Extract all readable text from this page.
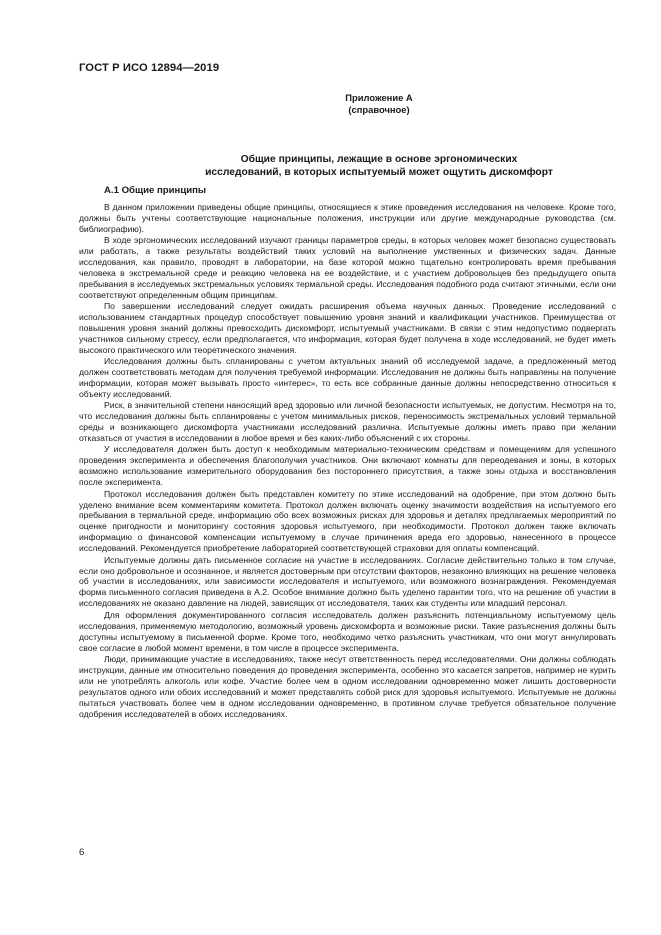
ГОСТ Р ИСО 12894—2019
Приложение А
(справочное)
Общие принципы, лежащие в основе эргономических
исследований, в которых испытуемый может ощутить дискомфорт
А.1 Общие принципы

В данном приложении приведены общие принципы, относящиеся к этике проведения исследования на человеке. Кроме того, должны быть учтены соответствующие национальные положения, инструкции или другие международные руководства (см. библиографию).

В ходе эргономических исследований изучают границы параметров среды, в которых человек может безопасно существовать или работать, а также результаты воздействий таких условий на выполнение умственных и физических задач. Данные исследования, как правило, проводят в лаборатории, на базе которой можно тщательно контролировать время пребывания человека в экстремальной среде и реакцию человека на ее воздействие, и с участием добровольцев без предыдущего опыта пребывания в исследуемых экстремальных условиях термальной среды. Исследования подобного рода считают этичными, если они соответствуют определенным общим принципам.

По завершении исследований следует ожидать расширения объема научных данных. Проведение исследований с использованием стандартных процедур способствует повышению уровня знаний и квалификации участников. Преимущества от повышения уровня знаний должны превосходить дискомфорт, испытуемый участниками. В связи с этим недопустимо подвергать участников сильному стрессу, если предполагается, что информация, которая будет получена в ходе исследований, не будет иметь высокого практического или теоретического значения.

Исследования должны быть спланированы с учетом актуальных знаний об исследуемой задаче, а предложенный метод должен соответствовать методам для получения требуемой информации. Исследования не должны быть направлены на получение информации, которая может вызывать просто «интерес», то есть все собранные данные должны непосредственно относиться к объекту исследований.

Риск, в значительной степени наносящий вред здоровью или личной безопасности испытуемых, не допустим. Несмотря на то, что исследования должны быть спланированы с учетом минимальных рисков, переносимость экстремальных условий термальной среды и возникающего дискомфорта участниками исследований различна. Испытуемые должны иметь право при желании отказаться от участия в исследовании в любое время и без каких-либо объяснений с их стороны.

У исследователя должен быть доступ к необходимым материально-техническим средствам и помещениям для успешного проведения эксперимента и обеспечения благополучия участников. Они включают комнаты для переодевания и зоны, в которых возможно использование измерительного оборудования без постороннего присутствия, а также зоны отдыха и восстановления после эксперимента.

Протокол исследования должен быть представлен комитету по этике исследований на одобрение, при этом должно быть уделено внимание всем комментариям комитета. Протокол должен включать оценку значимости воздействия на испытуемого его пребывания в термальной среде, информацию обо всех возможных рисках для здоровья и деталях предлагаемых мероприятий по оценке пригодности и мониторингу состояния здоровья испытуемого, при необходимости. Протокол должен также включать информацию о финансовой компенсации испытуемому в случае причинения вреда его здоровью, нанесенного в процессе исследований. Рекомендуется приобретение лабораторией соответствующей страховки для оплаты компенсаций.

Испытуемые должны дать письменное согласие на участие в исследованиях. Согласие действительно только в том случае, если оно добровольное и осознанное, и является достоверным при отсутствии факторов, незаконно влияющих на решение человека об участии в исследованиях, или зависимости исследователя и испытуемого, или возможного вознаграждения. Рекомендуемая форма письменного согласия приведена в А.2. Особое внимание должно быть уделено гарантии того, что на решение об участии в исследованиях не оказано давление на людей, зависящих от исследователя, таких как студенты или младший персонал.

Для оформления документированного согласия исследователь должен разъяснить потенциальному испытуемому цель исследования, применяемую методологию, возможный уровень дискомфорта и возможные риски. Такие разъяснения должны быть доступны испытуемому в письменной форме. Кроме того, необходимо четко разъяснить участникам, что они могут аннулировать свое согласие в любой момент времени, в том числе в процессе эксперимента.

Люди, принимающие участие в исследованиях, также несут ответственность перед исследователями. Они должны соблюдать инструкции, данные им относительно поведения до проведения эксперимента, особенно это касается запретов, например не курить или не употреблять алкоголь или кофе. Участие более чем в одном исследовании одновременно может лишить достоверности результатов одного или обоих исследований и может представлять собой риск для здоровья испытуемого. Испытуемые не должны пытаться участвовать более чем в одном исследовании одновременно, в противном случае требуется обязательное получение одобрения исследователей в обоих исследованиях.

6
